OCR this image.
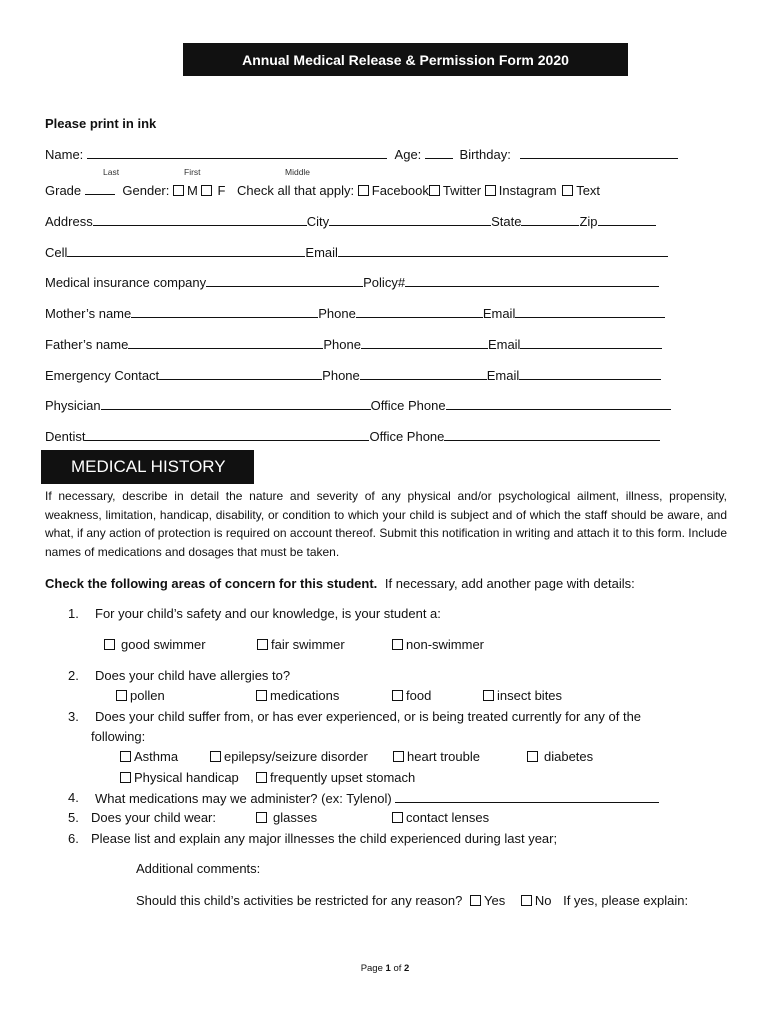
Annual Medical Release & Permission Form 2020
Please print in ink
Name:	Age:	Birthday:
Last	First	Middle
Grade	Gender: M F Check all that apply: Facebook Twitter Instagram Text
Address	City	State	Zip
Cell	Email
Medical insurance company	Policy#
Mother’s name	Phone	Email
Father’s name	Phone	Email
Emergency Contact	Phone	Email
Physician	Office Phone
Dentist	Office Phone
MEDICAL HISTORY
If necessary, describe in detail the nature and severity of any physical and/or psychological ailment, illness, propensity, weakness, limitation, handicap, disability, or condition to which your child is subject and of which the staff should be aware, and what, if any action of protection is required on account thereof. Submit this notification in writing and attach it to this form. Include names of medications and dosages that must be taken.
Check the following areas of concern for this student. If necessary, add another page with details:
1. For your child’s safety and our knowledge, is your student a:
good swimmer	fair swimmer	non-swimmer
2. Does your child have allergies to?
pollen	medications	food	insect bites
3. Does your child suffer from, or has ever experienced, or is being treated currently for any of the
following:
Asthma	epilepsy/seizure disorder	heart trouble	diabetes
Physical handicap	frequently upset stomach
4. What medications may we administer? (ex: Tylenol)
5. Does your child wear:	glasses	contact lenses
6. Please list and explain any major illnesses the child experienced during last year;
Additional comments:
Should this child’s activities be restricted for any reason? Yes No If yes, please explain:
Page 1 of 2
